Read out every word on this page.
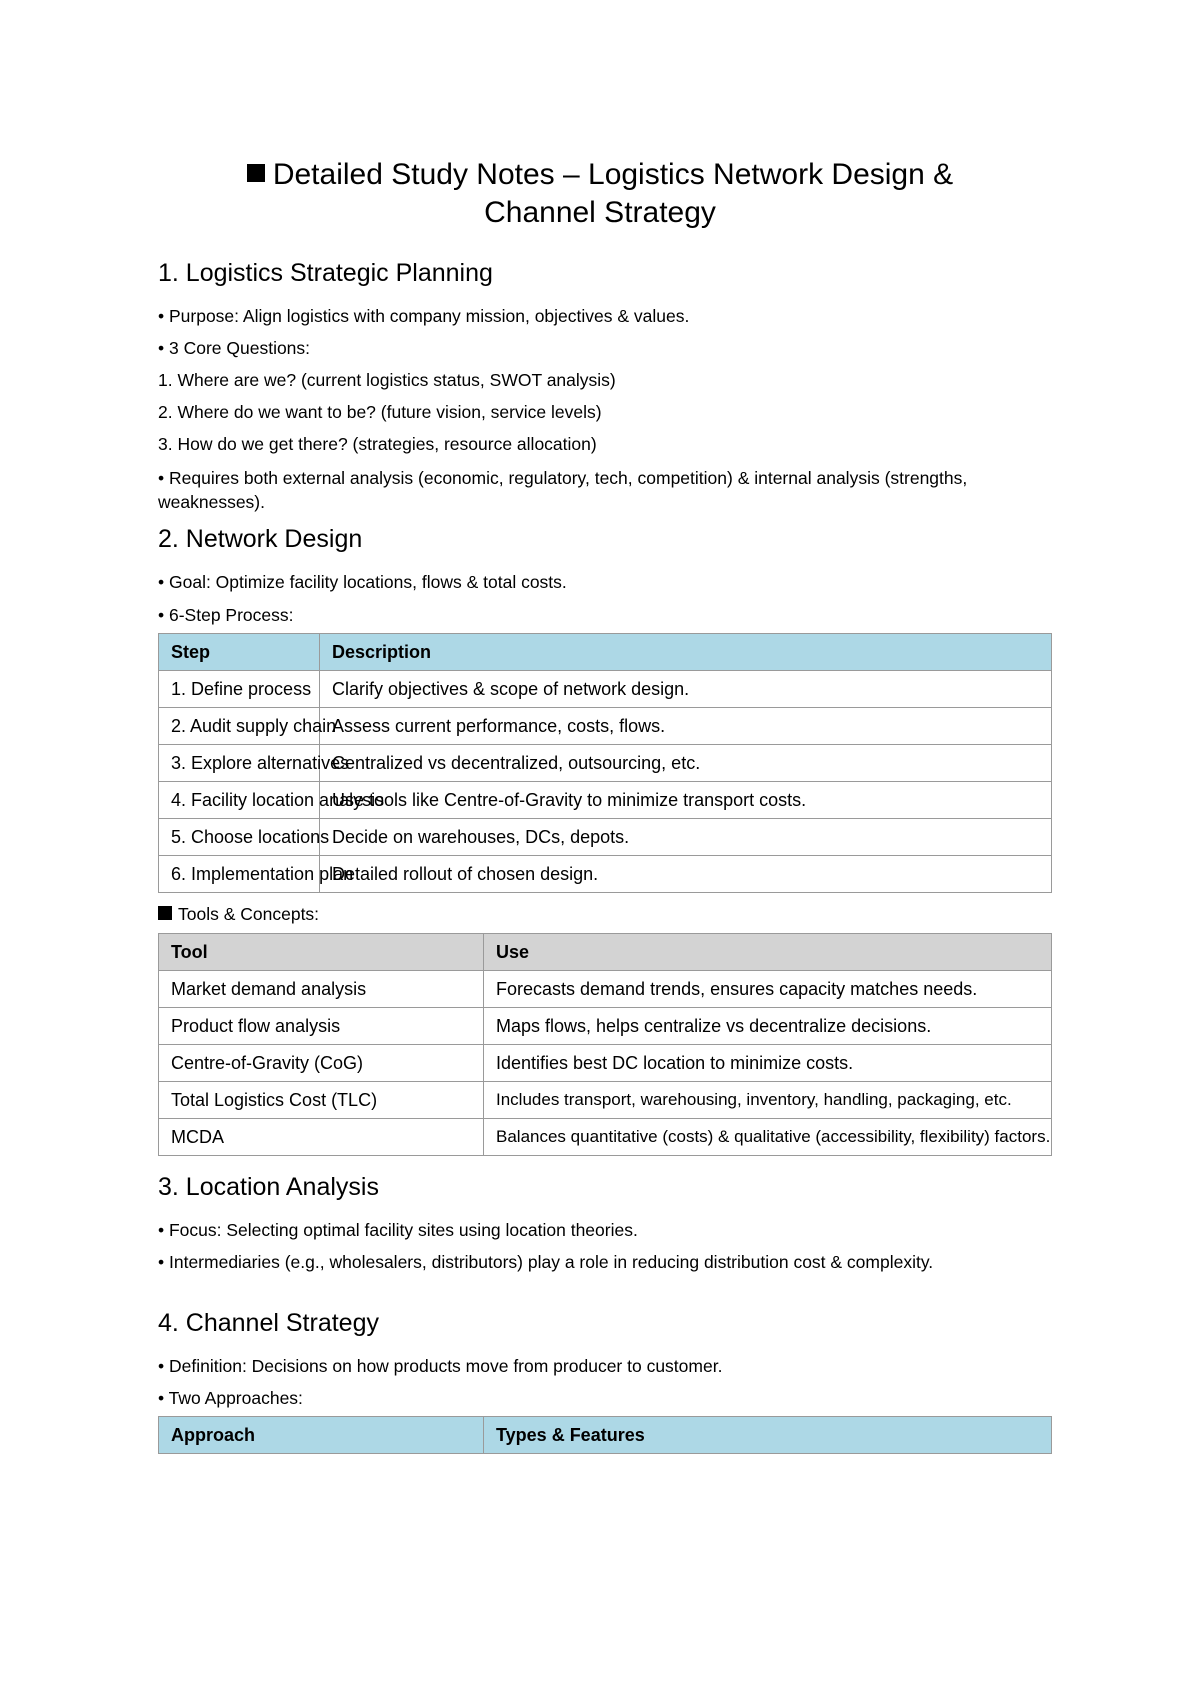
Detailed Study Notes – Logistics Network Design &
Channel Strategy
1. Logistics Strategic Planning

• Purpose: Align logistics with company mission, objectives & values.

• 3 Core Questions:

1. Where are we? (current logistics status, SWOT analysis)

2. Where do we want to be? (future vision, service levels)

3. How do we get there? (strategies, resource allocation)

• Requires both external analysis (economic, regulatory, tech, competition) & internal analysis (strengths, weaknesses).

2. Network Design

• Goal: Optimize facility locations, flows & total costs.

• 6-Step Process:

Step	Description
1. Define process	Clarify objectives & scope of network design.
2. Audit supply chain	Assess current performance, costs, flows.
3. Explore alternatives	Centralized vs decentralized, outsourcing, etc.
4. Facility location analysis	Use tools like Centre-of-Gravity to minimize transport costs.
5. Choose locations	Decide on warehouses, DCs, depots.
6. Implementation plan	Detailed rollout of chosen design.

Tools & Concepts:

Tool	Use
Market demand analysis	Forecasts demand trends, ensures capacity matches needs.
Product flow analysis	Maps flows, helps centralize vs decentralize decisions.
Centre-of-Gravity (CoG)	Identifies best DC location to minimize costs.
Total Logistics Cost (TLC)	Includes transport, warehousing, inventory, handling, packaging, etc.
MCDA	Balances quantitative (costs) & qualitative (accessibility, flexibility) factors.
3. Location Analysis

• Focus: Selecting optimal facility sites using location theories.

• Intermediaries (e.g., wholesalers, distributors) play a role in reducing distribution cost & complexity.

4. Channel Strategy

• Definition: Decisions on how products move from producer to customer.

• Two Approaches:

Approach	Types & Features
